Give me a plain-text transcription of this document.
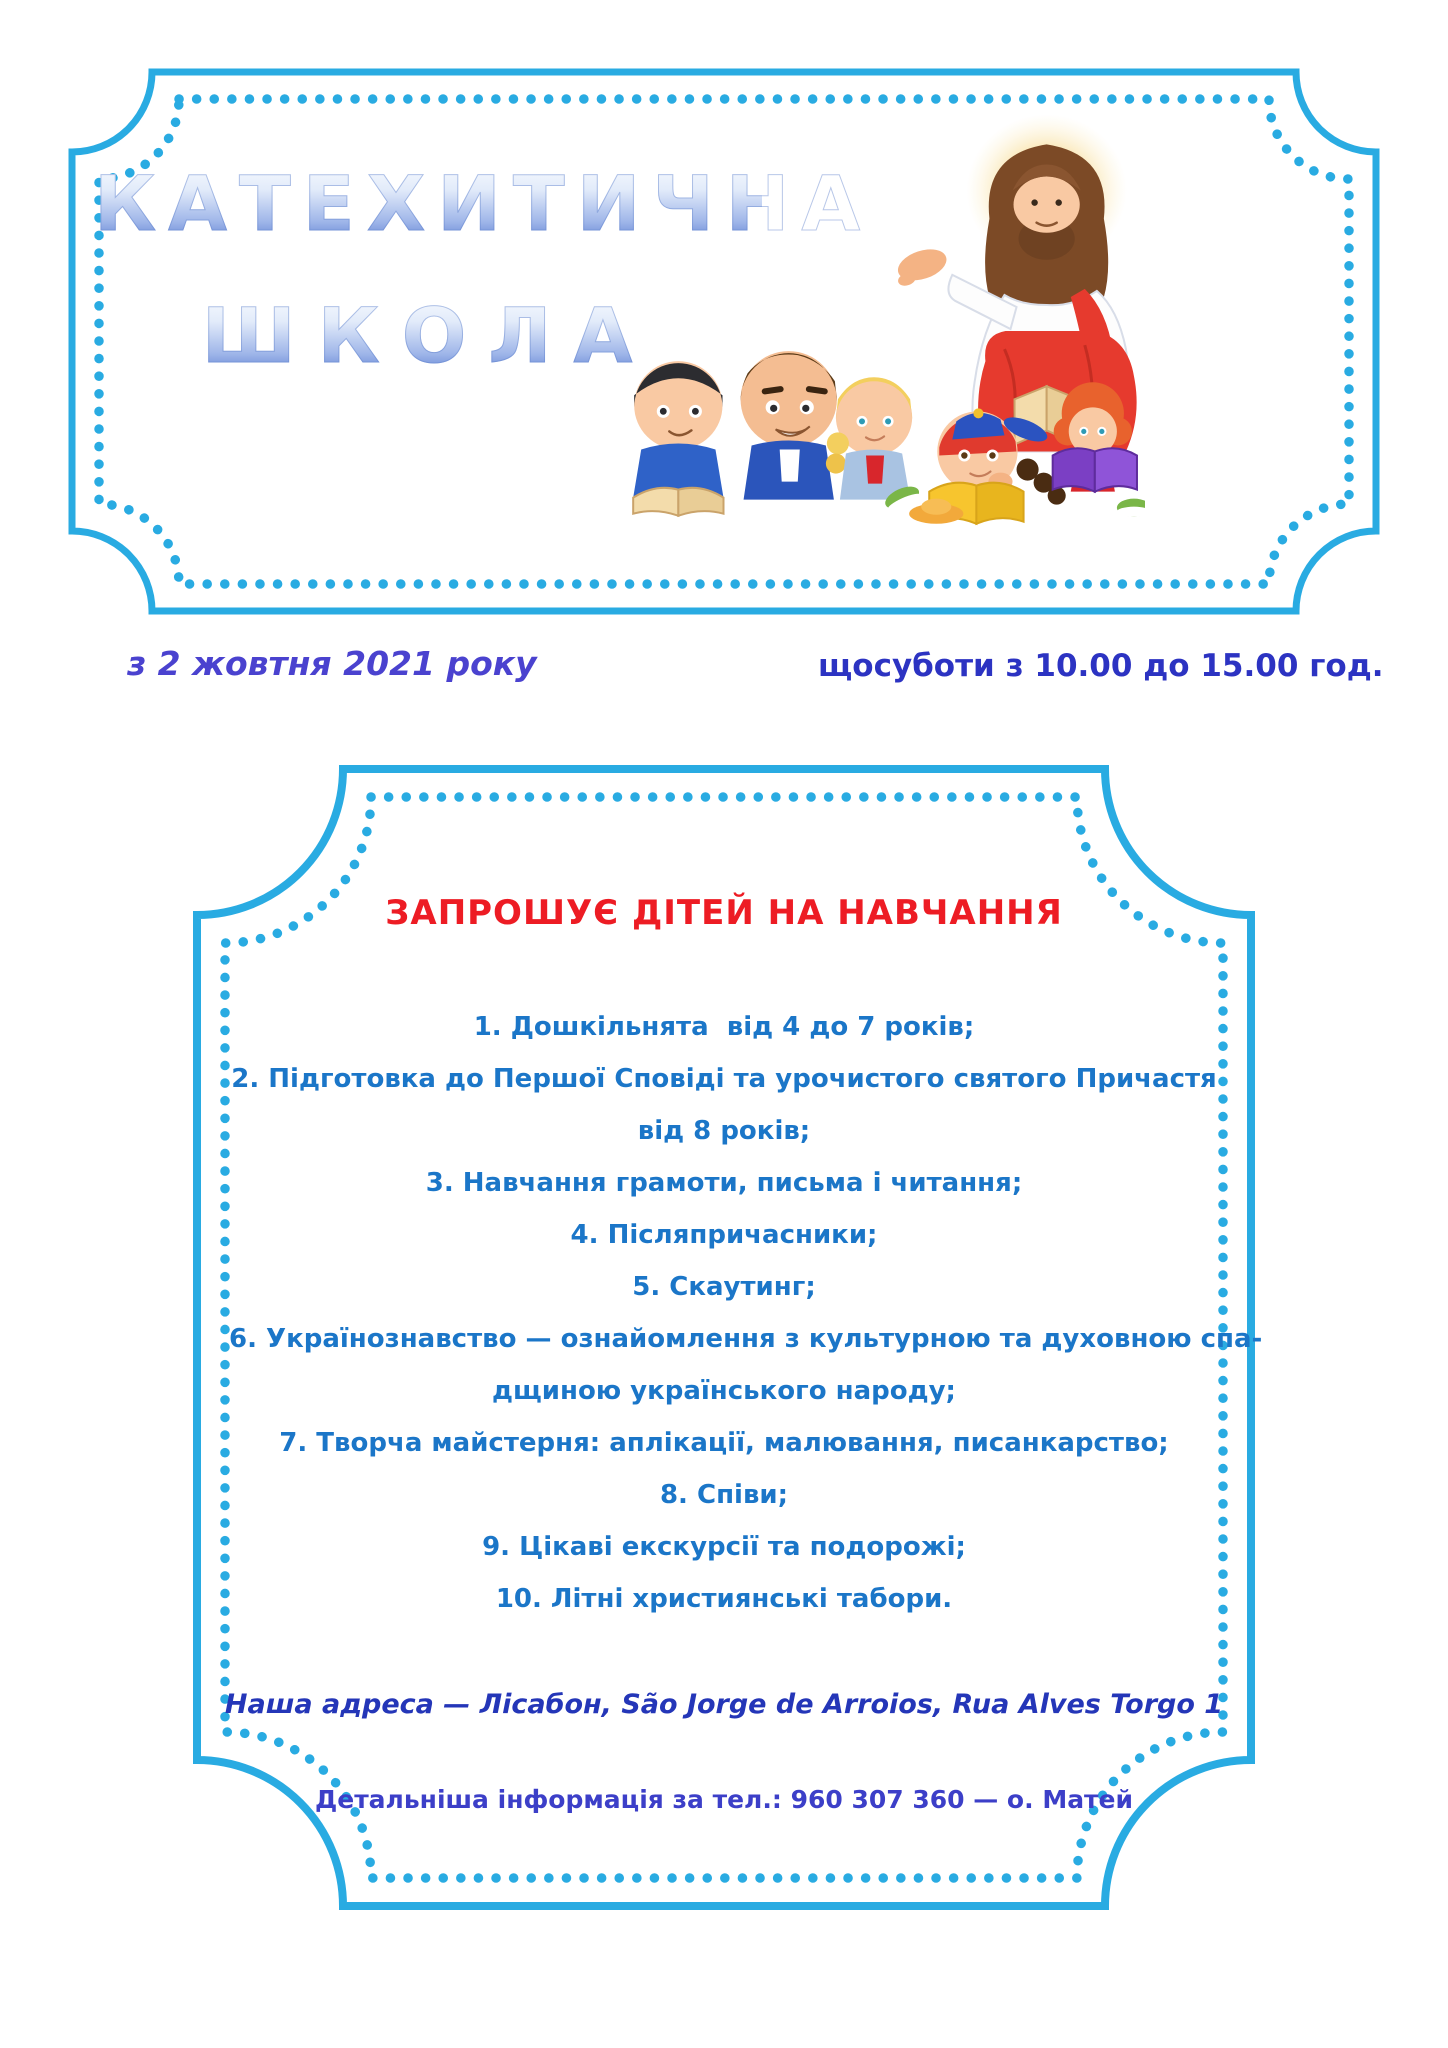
КАТЕХИТИЧНА
ШКОЛА
з 2 жовтня 2021 року	щосуботи з 10.00 до 15.00 год.
ЗАПРОШУЄ ДІТЕЙ НА НАВЧАННЯ
1. Дошкільнята  від 4 до 7 років;
2. Підготовка до Першої Сповіді та урочистого святого Причастя
від 8 років;
3. Навчання грамоти, письма і читання;
4. Післяпричасники;
5. Скаутинг;
6. Українознавство — ознайомлення з культурною та духовною спа-
дщиною українського народу;
7. Творча майстерня: аплікації, малювання, писанкарство;
8. Співи;
9. Цікаві екскурсії та подорожі;
10. Літні християнські табори.
Наша адреса — Лісабон, São Jorge de Arroios, Rua Alves Torgo 1
Детальніша інформація за тел.: 960 307 360 — о. Матей
